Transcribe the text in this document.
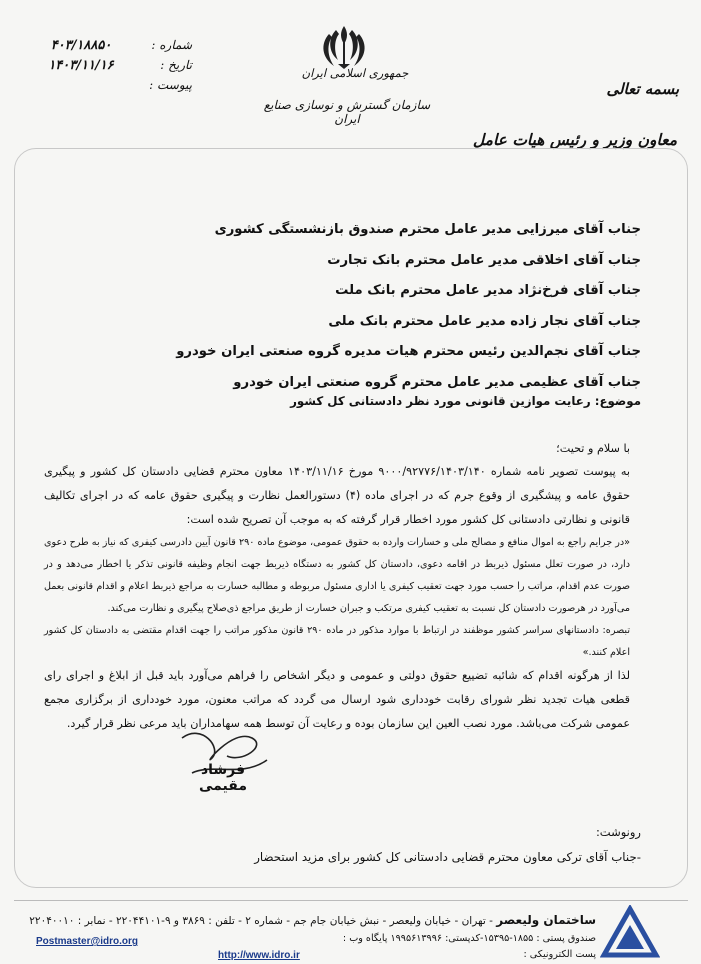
شماره :
۴۰۳/۱۸۸۵۰
تاریخ :
۱۴۰۳/۱۱/۱۶
پیوست :
جمهوری اسلامی ایران
سازمان گسترش و نوسازی صنایع ایران
بسمه تعالی
معاون وزیر و رئیس هیات عامل
جناب آقای میرزایی مدیر عامل محترم صندوق بازنشستگی کشوری
جناب آقای اخلاقی مدیر عامل محترم بانک تجارت
جناب آقای فرخ‌نژاد مدیر عامل محترم بانک ملت
جناب آقای نجار زاده مدیر عامل محترم بانک ملی
جناب آقای نجم‌الدین رئیس محترم هیات مدیره گروه صنعتی ایران خودرو
جناب آقای عظیمی مدیر عامل محترم گروه صنعتی ایران خودرو
موضوع: رعایت موازین قانونی مورد نظر دادستانی کل کشور
با سلام و تحیت؛
به پیوست تصویر نامه شماره ۹۰۰۰/۹۲۷۷۶/۱۴۰۳/۱۴۰ مورخ ۱۴۰۳/۱۱/۱۶ معاون محترم قضایی دادستان کل کشور و پیگیری حقوق عامه و پیشگیری از وقوع جرم که در اجرای ماده (۴) دستورالعمل نظارت و پیگیری حقوق عامه که در اجرای تکالیف قانونی و نظارتی دادستانی کل کشور مورد اخطار قرار گرفته که به موجب آن تصریح شده است:
«در جرایم راجع به اموال منافع و مصالح ملی و خسارات وارده به حقوق عمومی، موضوع ماده ۲۹۰ قانون آیین دادرسی کیفری که نیاز به طرح دعوی دارد، در صورت تعلل مسئول ذیربط در اقامه دعوی، دادستان کل کشور به دستگاه ذیربط جهت انجام وظیفه قانونی تذکر یا اخطار می‌دهد و در صورت عدم اقدام، مراتب را حسب مورد جهت تعقیب کیفری یا اداری مسئول مربوطه و مطالبه خسارت به مراجع ذیربط اعلام و اقدام قانونی بعمل می‌آورد در هرصورت دادستان کل نسبت به تعقیب کیفری مرتکب و جبران خسارت از طریق مراجع ذی‌صلاح پیگیری و نظارت می‌کند.
تبصره: دادستانهای سراسر کشور موظفند در ارتباط با موارد مذکور در ماده ۲۹۰ قانون مذکور مراتب را جهت اقدام مقتضی به دادستان کل کشور اعلام کنند.»
لذا از هرگونه اقدام که شائبه تضییع حقوق دولتی و عمومی و دیگر اشخاص را فراهم می‌آورد باید قبل از ابلاغ و اجرای رای قطعی هیات تجدید نظر شورای رقابت خودداری شود ارسال می گردد که مراتب معنون، مورد خودداری از برگزاری مجمع عمومی شرکت می‌باشد. مورد نصب العین این سازمان بوده و رعایت آن توسط همه سهامداران باید مرعی نظر قرار گیرد.
فرشاد مقیمی
رونوشت:
-جناب آقای ترکی معاون محترم قضایی دادستانی کل کشور برای مزید استحضار
ساختمان ولیعصر - تهران - خیابان ولیعصر - نبش خیابان جام جم - شماره ۲ - تلفن : ۳۸۶۹ و ۹-۲۲۰۴۴۱۰۱ - نمابر : ۲۲۰۴۰۰۱۰
صندوق پستی : ۱۸۵۵-۱۵۳۹۵-کدپستی: ۱۹۹۵۶۱۳۹۹۶ پایگاه وب :
پست الکترونیکی :
http://www.idro.ir
Postmaster@idro.org
